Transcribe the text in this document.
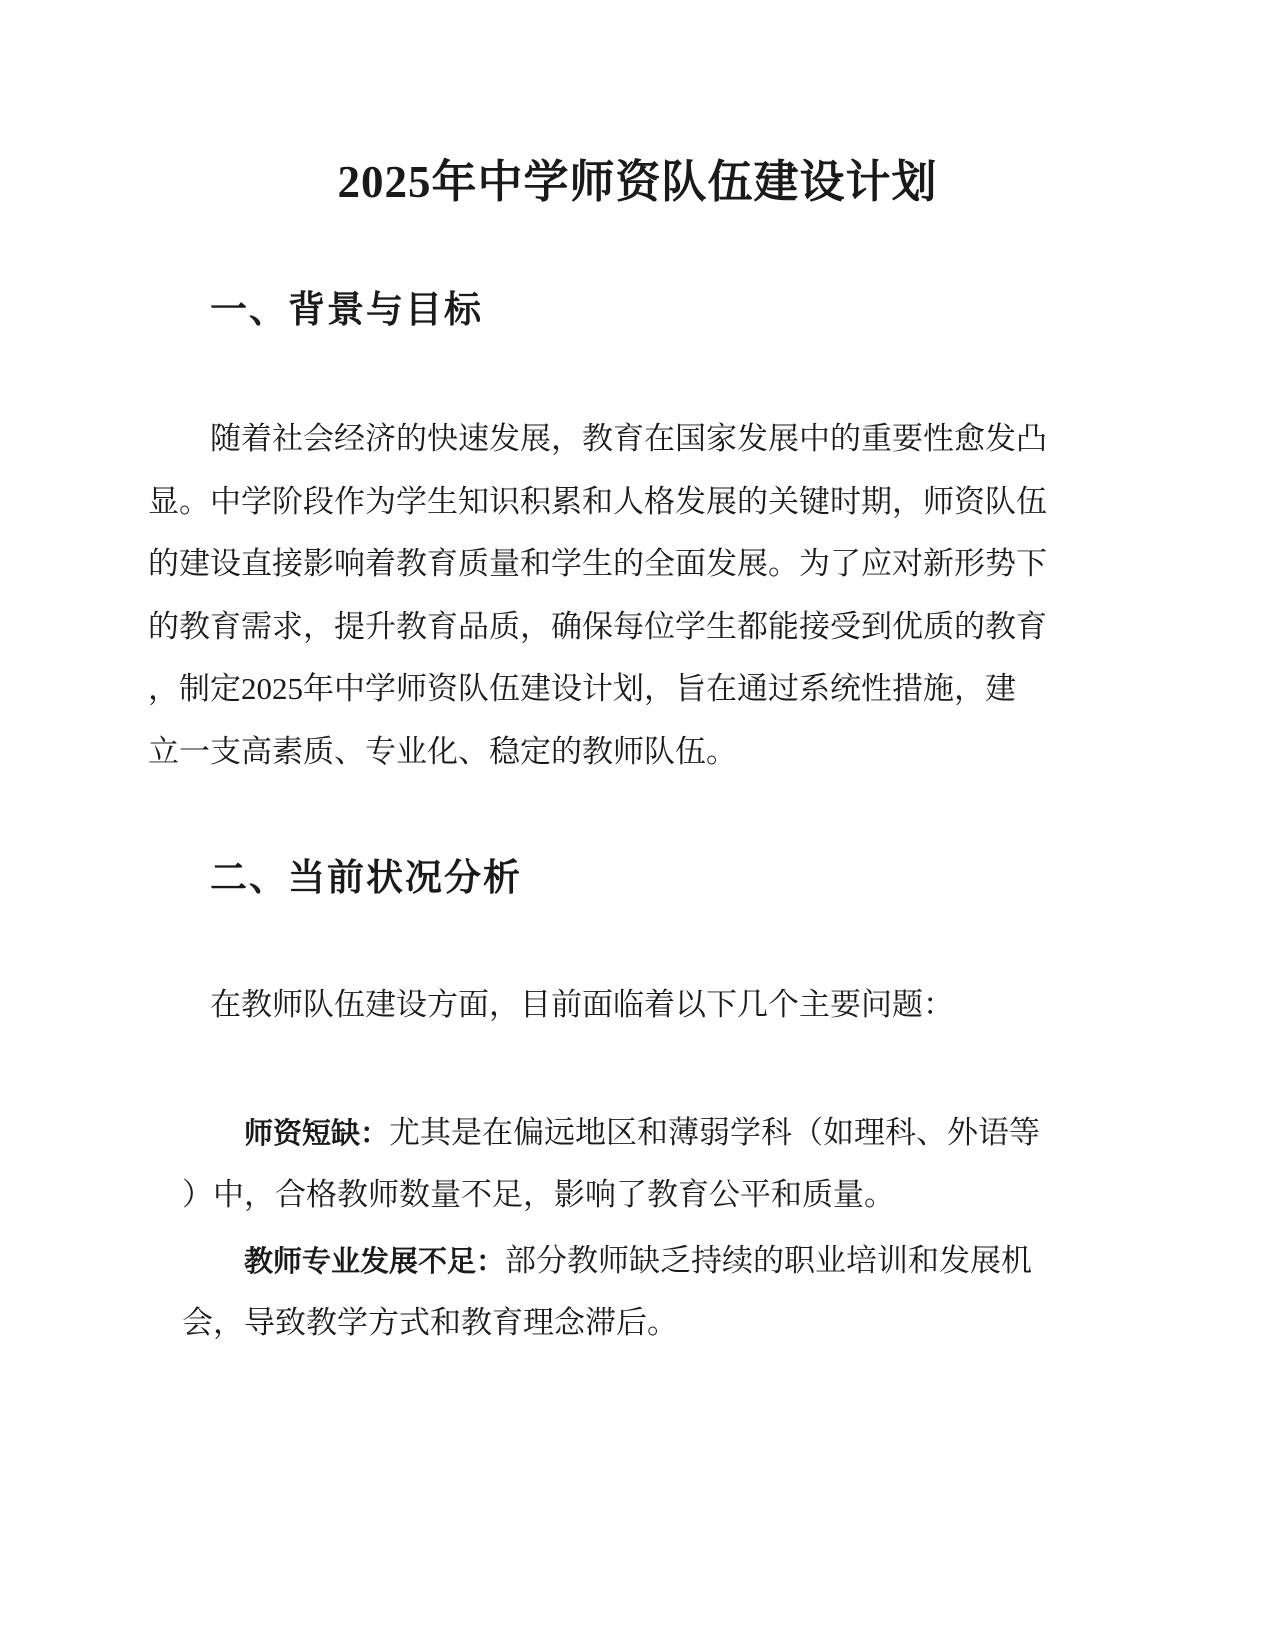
2025年中学师资队伍建设计划
一、背景与目标

随着社会经济的快速发展，教育在国家发展中的重要性愈发凸
显。中学阶段作为学生知识积累和人格发展的关键时期，师资队伍
的建设直接影响着教育质量和学生的全面发展。为了应对新形势下
的教育需求，提升教育品质，确保每位学生都能接受到优质的教育
，制定2025年中学师资队伍建设计划，旨在通过系统性措施，建
立一支高素质、专业化、稳定的教师队伍。

二、当前状况分析

在教师队伍建设方面，目前面临着以下几个主要问题：

师资短缺：尤其是在偏远地区和薄弱学科（如理科、外语等
）中，合格教师数量不足，影响了教育公平和质量。
教师专业发展不足：部分教师缺乏持续的职业培训和发展机
会，导致教学方式和教育理念滞后。
